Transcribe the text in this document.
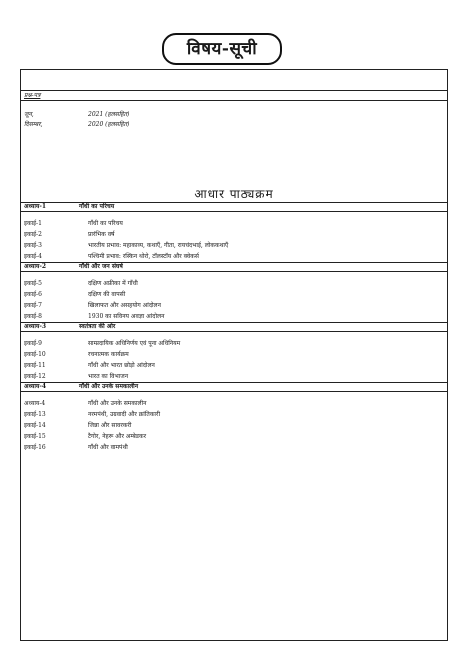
विषय-सूची
प्रश्न-पत्र
जून,	2021 (हलसहित)
दिसम्बर,	2020 (हलसहित)
आधार पाठ्यक्रम
अध्याय-1	गाँधी का परिचय
इकाई-1	गाँधी का परिचय
इकाई-2	प्रारंभिक वर्ष
इकाई-3	भारतीय प्रभाव: महाकाव्य, कथाएँ, गीता, रायचंदभाई, लोककथाएँ
इकाई-4	पश्चिमी प्रभाव: रस्किन थोरो, टॉलस्टॉय और क्वेकर्स
अध्याय-2	गाँधी और जन संघर्ष
इकाई-5	दक्षिण अफ्रीका में गाँधी
इकाई-6	दक्षिण की वापसी
इकाई-7	खिलाफत और असहयोग आंदोलन
इकाई-8	1930 का सविनय अवज्ञा आंदोलन
अध्याय-3	स्वतंत्रता की ओर
इकाई-9	साम्प्रदायिक अधिनिर्णय एवं पूना अधिनियम
इकाई-10	रचनात्मक कार्यक्रम
इकाई-11	गाँधी और भारत छोड़ो आंदोलन
इकाई-12	भारत का विभाजन
अध्याय-4	गाँधी और उनके समकालीन
अध्याय-4	गाँधी और उनके समकालीन
इकाई-13	नरमपंथी, उग्रवादी और क्रांतिकारी
इकाई-14	जिन्ना और सावरकरी
इकाई-15	टैगोर, नेहरू और अम्बेडकर
इकाई-16	गाँधी और वामपंथी
